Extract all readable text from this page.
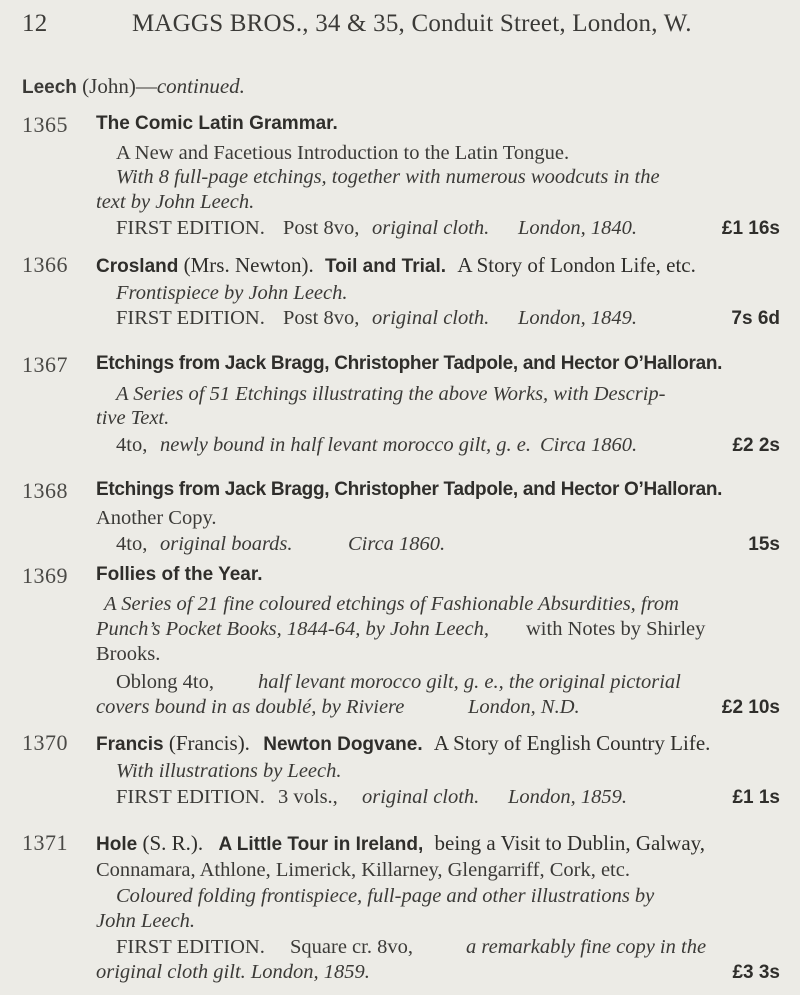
12	MAGGS BROS., 34 & 35, Conduit Street, London, W.
Leech (John)—continued.
1365 The Comic Latin Grammar.
A New and Facetious Introduction to the Latin Tongue.
With 8 full-page etchings, together with numerous woodcuts in the
text by John Leech.
FIRST EDITION. Post 8vo, original cloth. London, 1840.	£1 16s
1366 Crosland (Mrs. Newton). Toil and Trial. A Story of London Life, etc.
Frontispiece by John Leech.
FIRST EDITION. Post 8vo, original cloth. London, 1849.	7s 6d
1367 Etchings from Jack Bragg, Christopher Tadpole, and Hector O’Halloran.
A Series of 51 Etchings illustrating the above Works, with Descrip-
tive Text.
4to, newly bound in half levant morocco gilt, g. e. Circa 1860.	£2 2s
1368 Etchings from Jack Bragg, Christopher Tadpole, and Hector O’Halloran.
Another Copy.
4to, original boards.	Circa 1860.	15s
1369 Follies of the Year.
A Series of 21 fine coloured etchings of Fashionable Absurdities, from
Punch’s Pocket Books, 1844-64, by John Leech, with Notes by Shirley
Brooks.
Oblong 4to, half levant morocco gilt, g. e., the original pictorial
covers bound in as doublé, by Riviere	London, N.D.	£2 10s
1370 Francis (Francis). Newton Dogvane. A Story of English Country Life.
With illustrations by Leech.
FIRST EDITION. 3 vols., original cloth. London, 1859.	£1 1s
1371 Hole (S. R.). A Little Tour in Ireland, being a Visit to Dublin, Galway,
Connamara, Athlone, Limerick, Killarney, Glengarriff, Cork, etc.
Coloured folding frontispiece, full-page and other illustrations by
John Leech.
FIRST EDITION. Square cr. 8vo,	a remarkably fine copy in the
original cloth gilt. London, 1859.	£3 3s
